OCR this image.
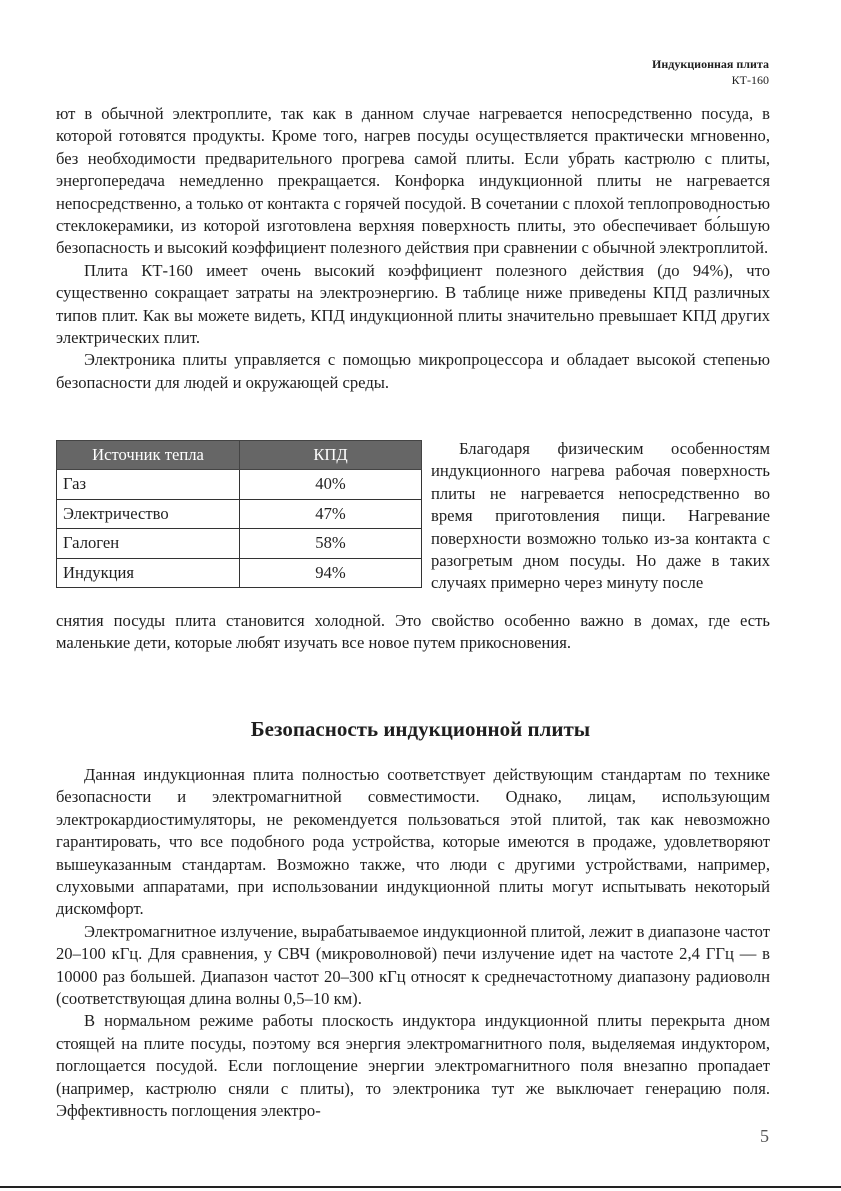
Индукционная плита
КТ-160

ют в обычной электроплите, так как в данном случае нагревается непосредственно посуда, в которой готовятся продукты. Кроме того, нагрев посуды осуществляется практически мгновенно, без необходимости предварительного прогрева самой плиты. Если убрать кастрюлю с плиты, энергопередача немедленно прекращается. Конфорка индукционной плиты не нагревается непосредственно, а только от контакта с горячей посудой. В сочетании с плохой теплопроводностью стеклокерамики, из которой изготовлена верхняя поверхность плиты, это обеспечивает бо́льшую безопасность и высокий коэффициент полезного действия при сравнении с обычной электроплитой.

Плита КТ-160 имеет очень высокий коэффициент полезного действия (до 94%), что существенно сокращает затраты на электроэнергию. В таблице ниже приведены КПД различных типов плит. Как вы можете видеть, КПД индукционной плиты значительно превышает КПД других электрических плит.

Электроника плиты управляется с помощью микропроцессора и обладает высокой степенью безопасности для людей и окружающей среды.

Источник тепла	КПД
Газ	40%
Электричество	47%
Галоген	58%
Индукция	94%

Благодаря физическим особенностям индукционного нагрева рабочая поверхность плиты не нагревается непосредственно во время приготовления пищи. Нагревание поверхности возможно только из-за контакта с разогретым дном посуды. Но даже в таких случаях примерно через минуту после

снятия посуды плита становится холодной. Это свойство особенно важно в домах, где есть маленькие дети, которые любят изучать все новое путем прикосновения.

Безопасность индукционной плиты

Данная индукционная плита полностью соответствует действующим стандартам по технике безопасности и электромагнитной совместимости. Однако, лицам, использующим электрокардиостимуляторы, не рекомендуется пользоваться этой плитой, так как невозможно гарантировать, что все подобного рода устройства, которые имеются в продаже, удовлетворяют вышеуказанным стандартам. Возможно также, что люди с другими устройствами, например, слуховыми аппаратами, при использовании индукционной плиты могут испытывать некоторый дискомфорт.

Электромагнитное излучение, вырабатываемое индукционной плитой, лежит в диапазоне частот 20–100 кГц. Для сравнения, у СВЧ (микроволновой) печи излучение идет на частоте 2,4 ГГц — в 10000 раз большей. Диапазон частот 20–300 кГц относят к среднечастотному диапазону радиоволн (соответствующая длина волны 0,5–10 км).

В нормальном режиме работы плоскость индуктора индукционной плиты перекрыта дном стоящей на плите посуды, поэтому вся энергия электромагнитного поля, выделяемая индуктором, поглощается посудой. Если поглощение энергии электромагнитного поля внезапно пропадает (например, кастрюлю сняли с плиты), то электроника тут же выключает генерацию поля. Эффективность поглощения электро-

5
